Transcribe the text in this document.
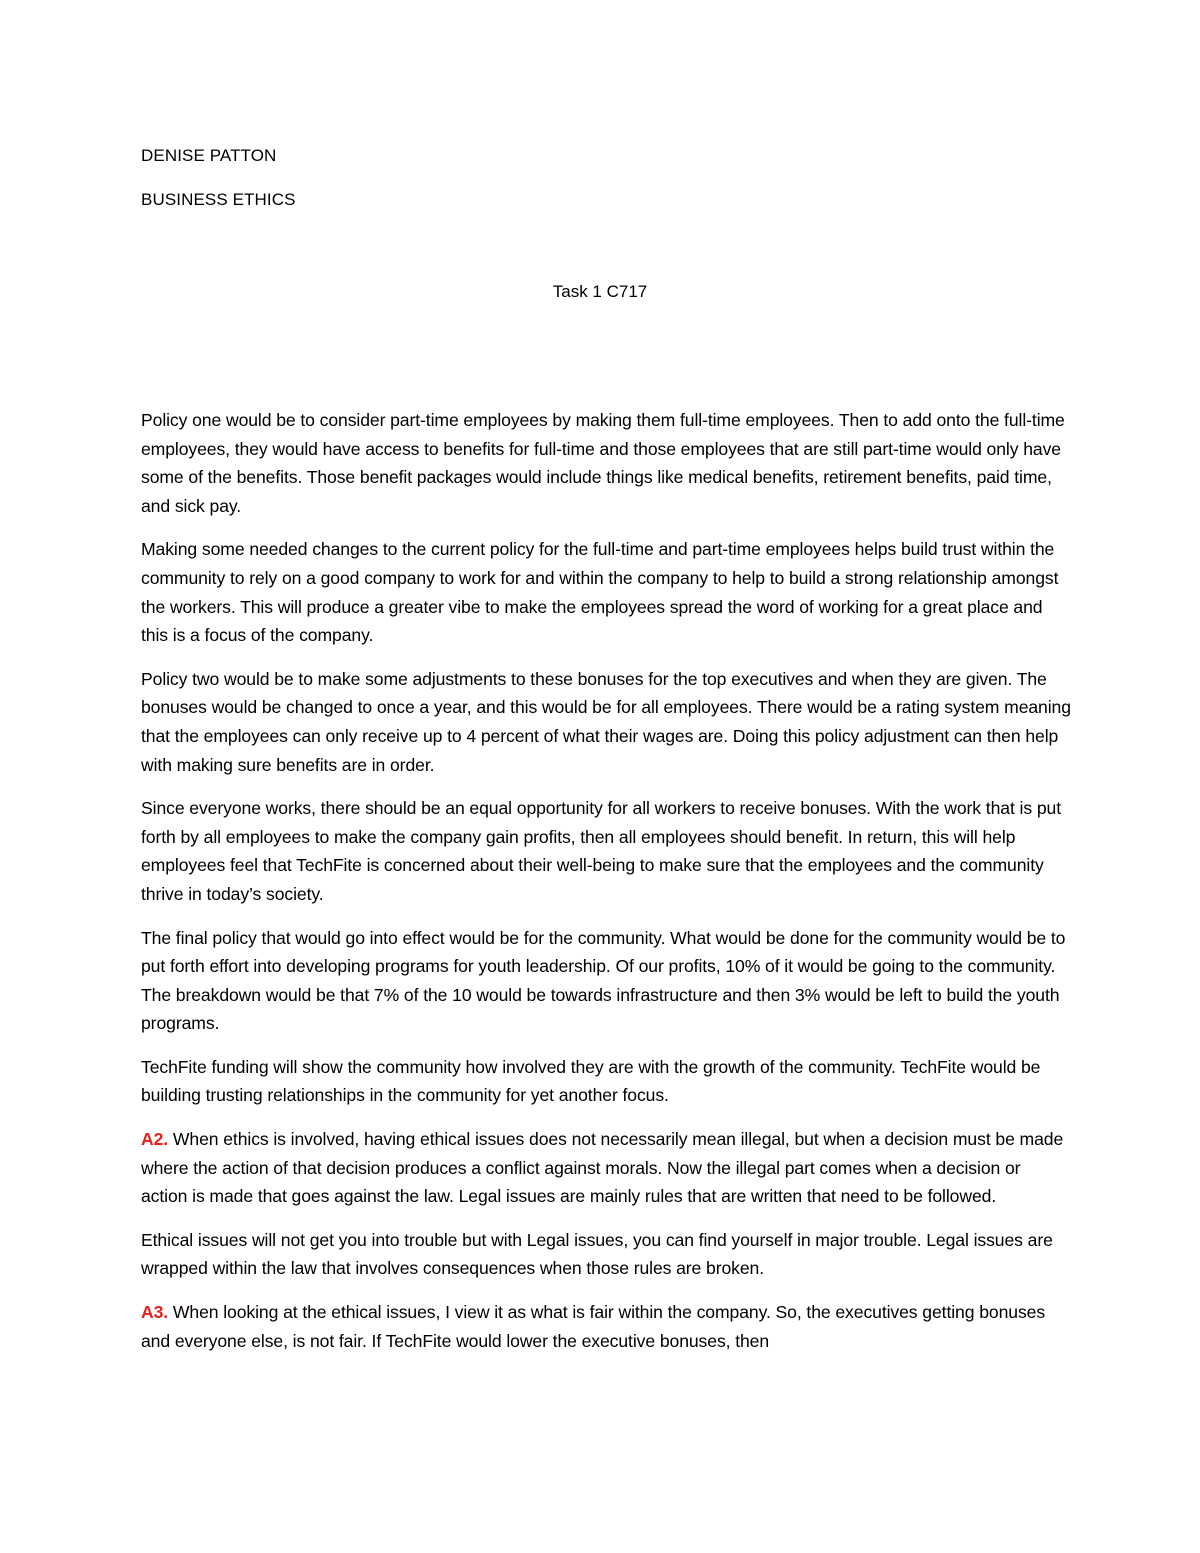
DENISE PATTON
BUSINESS ETHICS
Task 1 C717

Policy one would be to consider part-time employees by making them full-time employees. Then to add onto the full-time employees, they would have access to benefits for full-time and those employees that are still part-time would only have some of the benefits. Those benefit packages would include things like medical benefits, retirement benefits, paid time, and sick pay.

Making some needed changes to the current policy for the full-time and part-time employees helps build trust within the community to rely on a good company to work for and within the company to help to build a strong relationship amongst the workers. This will produce a greater vibe to make the employees spread the word of working for a great place and this is a focus of the company.

Policy two would be to make some adjustments to these bonuses for the top executives and when they are given. The bonuses would be changed to once a year, and this would be for all employees. There would be a rating system meaning that the employees can only receive up to 4 percent of what their wages are. Doing this policy adjustment can then help with making sure benefits are in order.

Since everyone works, there should be an equal opportunity for all workers to receive bonuses. With the work that is put forth by all employees to make the company gain profits, then all employees should benefit. In return, this will help employees feel that TechFite is concerned about their well-being to make sure that the employees and the community thrive in today’s society.

The final policy that would go into effect would be for the community. What would be done for the community would be to put forth effort into developing programs for youth leadership. Of our profits, 10% of it would be going to the community. The breakdown would be that 7% of the 10 would be towards infrastructure and then 3% would be left to build the youth programs.

TechFite funding will show the community how involved they are with the growth of the community. TechFite would be building trusting relationships in the community for yet another focus.

A2. When ethics is involved, having ethical issues does not necessarily mean illegal, but when a decision must be made where the action of that decision produces a conflict against morals. Now the illegal part comes when a decision or action is made that goes against the law. Legal issues are mainly rules that are written that need to be followed.

Ethical issues will not get you into trouble but with Legal issues, you can find yourself in major trouble. Legal issues are wrapped within the law that involves consequences when those rules are broken.

A3. When looking at the ethical issues, I view it as what is fair within the company. So, the executives getting bonuses and everyone else, is not fair. If TechFite would lower the executive bonuses, then
